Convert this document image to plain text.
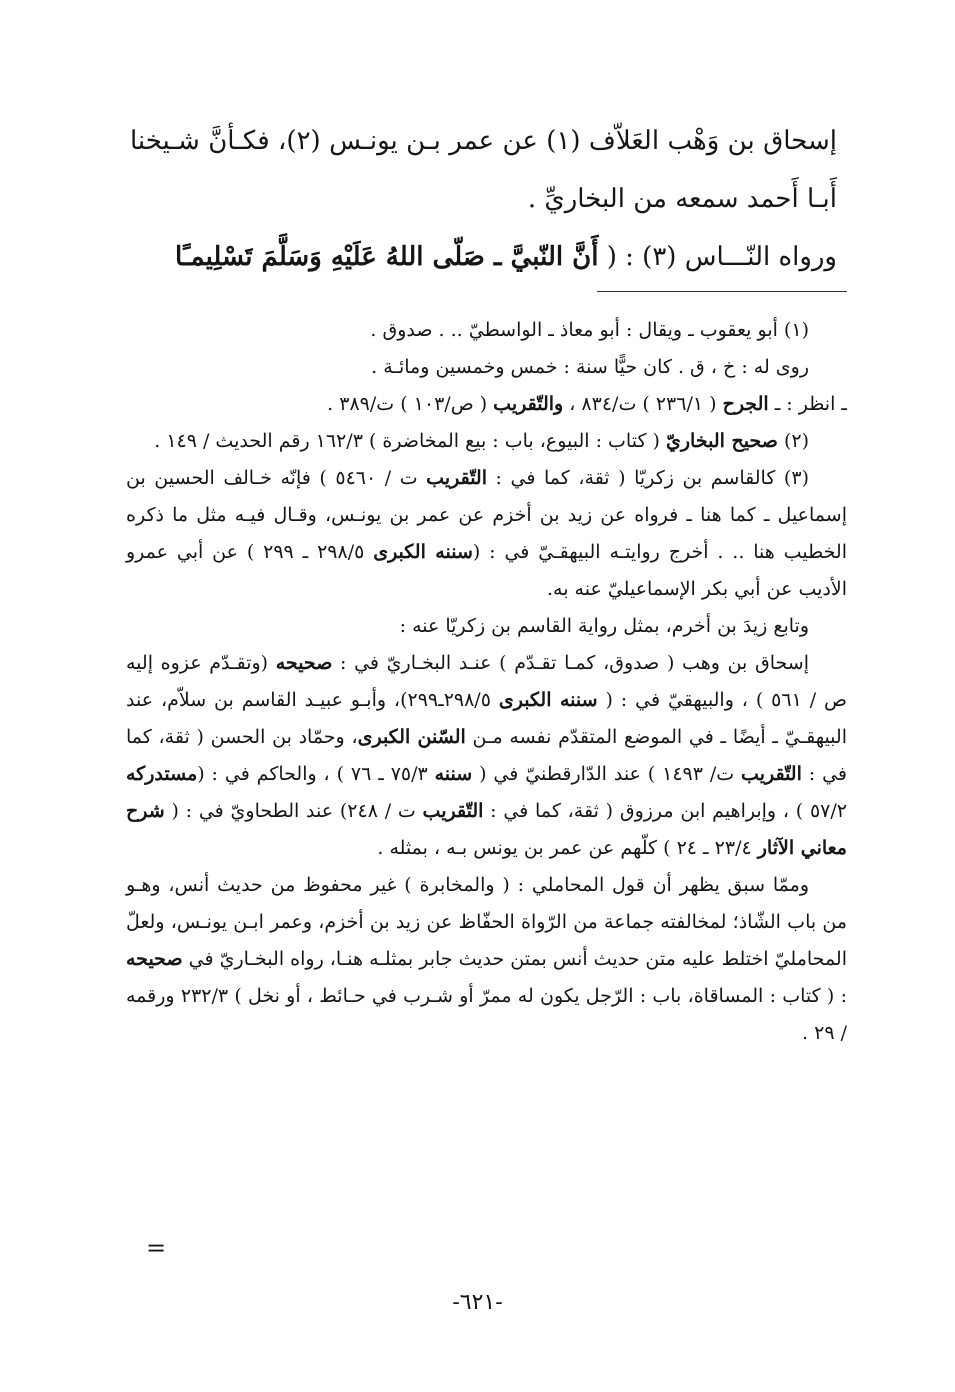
إسحاق بن وَهْب العَلاّف (١) عن عمر بـن يونـس (٢)، فكـأنَّ شـيخنا أَبـا أَحمد سمعه من البخاريِّ .

ورواه النّـــاس (٣) : ( أَنَّ النّبيَّ ـ صَلّى اللهُ عَلَيْهِ وَسَلَّمَ تَسْلِيمـًا

(١) أبو يعقوب ـ ويقال : أبو معاذ ـ الواسطيّ .. . صدوق .

روى له : خ ، ق . كان حيًّا سنة : خمس وخمسين ومائـة .

ـ انظر : ـ الجرح ( ٢٣٦/١ ) ت/٨٣٤ ، والتّقريب ( ص/١٠٣ ) ت/٣٨٩ .

(٢) صحيح البخاريّ ( كتاب : البيوع، باب : بيع المخاضرة ) ١٦٢/٣ رقم الحديث / ١٤٩ .

(٣) كالقاسم بن زكريّا ( ثقة، كما في : التّقريب ت / ٥٤٦٠ ) فإنّه خـالف الحسين بن إسماعيل ـ كما هنا ـ فرواه عن زيد بن أخزم عن عمر بن يونـس، وقـال فيـه مثل ما ذكره الخطيب هنا .. . أخرج روايتـه البيهقـيّ في : (سننه الكبرى ٢٩٨/٥ ـ ٢٩٩ ) عن أبي عمرو الأديب عن أبي بكر الإسماعيليّ عنه به.

وتابع زيدَ بن أخرم، بمثل رواية القاسم بن زكريّا عنه :

إسحاق بن وهب ( صدوق، كمـا تقـدّم ) عنـد البخـاريّ في : صحيحه (وتقـدّم عزوه إليه ص / ٥٦١ ) ، والبيهقيّ في : ( سننه الكبرى ٢٩٨/٥ـ٢٩٩)، وأبـو عبيـد القاسم بن سلاّم، عند البيهقـيّ ـ أيضًا ـ في الموضع المتقدّم نفسه مـن السّنن الكبرى، وحمّاد بن الحسن ( ثقة، كما في : التّقريب ت/ ١٤٩٣ ) عند الدّارقطنيّ في ( سننه ٧٥/٣ ـ ٧٦ ) ، والحاكم في : (مستدركه ٥٧/٢ ) ، وإبراهيم ابن مرزوق ( ثقة، كما في : التّقريب ت / ٢٤٨) عند الطحاويّ في : ( شرح معاني الآثار ٢٣/٤ ـ ٢٤ ) كلّهم عن عمر بن يونس بـه ، بمثله .

وممّا سبق يظهر أن قول المحاملي : ( والمخابرة ) غير محفوظ من حديث أنس، وهـو من باب الشّاذ؛ لمخالفته جماعة من الرّواة الحفّاظ عن زيد بن أخزم، وعمر ابـن يونـس، ولعلّ المحامليّ اختلط عليه متن حديث أنس بمتن حديث جابر بمثلـه هنـا، رواه البخـاريّ في صحيحه : ( كتاب : المساقاة، باب : الرّجل يكون له ممرّ أو شـرب في حـائط ، أو نخل ) ٢٣٢/٣ ورقمه / ٢٩ .

=
-٦٢١-
